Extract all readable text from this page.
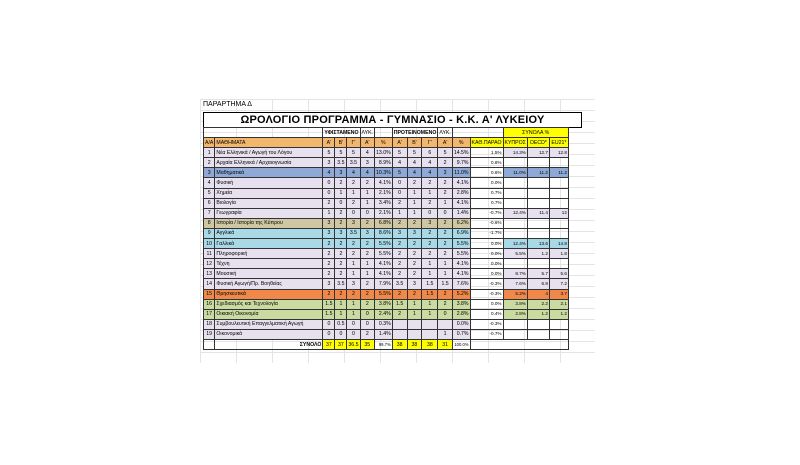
ΠΑΡΑΡΤΗΜΑ Δ
ΩΡΟΛΟΓΙΟ ΠΡΟΓΡΑΜΜΑ - ΓΥΜΝΑΣΙΟ - Κ.Κ. Α' ΛΥΚΕΙΟΥ
		ΥΦΙΣΤΑΜΕΝΟ			ΛΥΚ.		ΠΡΟΤΕΙΝΟΜΕΝΟ			ΛΥΚ.			ΣΥΝΟΛΑ %		
Α/Α	ΜΑΘΗΜΑΤΑ	Α'	Β'	Γ'	Α'	%	Α'	Β'	Γ'	Α'	%	ΚΑΘ.ΠΑΡΑΟ	ΚΥΠΡΟΣ	OECD*	EU21*
1	Νέα Ελληνικά / Αγωγή του Λόγου	5	5	5	4	13.0%	5	5	6	5	14.5%	1.5%	14.3%	12.7	12.8
2	Αρχαία Ελληνικά / Αρχαιογνωσία	3	3.5	3.5	3	8.9%	4	4	4	2	9.7%	0.8%			
3	Μαθηματικά	4	3	4	4	10.3%	5	4	4	3	11.0%	0.6%	11.0%	11.2	11.2
4	Φυσική	0	2	2	2	4.1%	0	2	2	2	4.1%	0.0%			
5	Χημεία	0	1	1	1	2.1%	0	1	1	2	2.8%	0.7%			
6	Βιολογία	2	0	2	1	3.4%	2	1	2	1	4.1%	0.7%			
7	Γεωγραφία	1	2	0	0	2.1%	1	1	0	0	1.4%	-0.7%	12.4%	11.4	12
8	Ιστορία / Ιστορία της Κύπρου	3	2	3	2	6.8%	2	2	3	2	6.2%	-0.6%			
9	Αγγλικά	3	3	3.5	3	8.6%	3	3	2	2	6.9%	-1.7%			
10	Γαλλικά	2	2	2	2	5.5%	2	2	2	2	5.5%	0.0%	12.4%	13.6	14.8
11	Πληροφορική	2	2	2	2	5.5%	2	2	2	2	5.5%	0.0%	5.5%	1.2	1.8
12	Τέχνη	2	2	1	1	4.1%	2	2	1	1	4.1%	0.0%			
13	Μουσική	2	2	1	1	4.1%	2	2	1	1	4.1%	0.0%	8.7%	5.7	5.6
14	Φυσική Αγωγή/Πρ. Βοηθείας	3	3.5	3	2	7.9%	3.5	3	1.5	1.5	7.6%	-0.3%	7.6%	6.9	7.2
15	Θρησκευτικά	2	2	2	2	5.5%	2	2	1.5	2	5.2%	-0.3%	5.2%	4	3.7
16	Σχεδιασμός και Τεχνολογία	1.5	1	1	2	3.8%	1.5	1	1	2	3.8%	0.0%	3.8%	2.2	2.1
17	Οικιακή Οικονομία	1.5	1	1	0	2.4%	2	1	1	0	2.8%	0.4%	2.8%	1.2	1.2
18	Συμβουλευτική Επαγγελματική Αγωγή	0	0.5	0	0	0.3%					0.0%	-0.3%			
19	Οικονομικά	0	0	0	2	1.4%				1	0.7%	-0.7%			
	ΣΥΝΟΛΟ	37	37	36.5	35	99.7%	38	38	38	31	100.0%				
